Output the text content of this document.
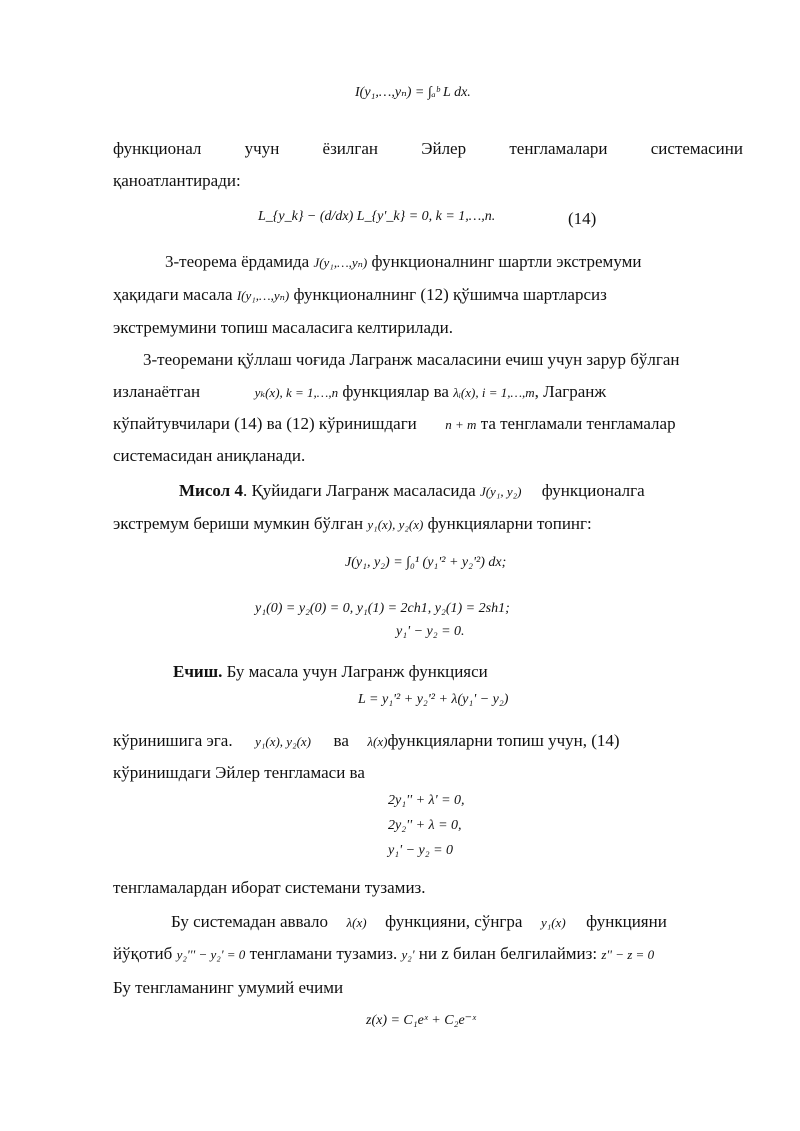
I(y₁,…,yₙ) = ∫ₐᵇ L dx.
функционал	учун	ёзилган	Эйлер	тенгламалари	системасини
қаноатлантиради:
L_{y_k} − (d/dx) L_{y'_k} = 0, k = 1,…,n.	(14)
3-теорема ёрдамида J(y₁,…,yₙ) функционалнинг шартли экстремуми
ҳақидаги масала I(y₁,…,yₙ) функционалнинг (12) қўшимча шартларсиз
экстремумини топиш масаласига келтирилади.
3-теоремани қўллаш чоғида Лагранж масаласини ечиш учун зарур бўлган
изланаётган	yₖ(x), k = 1,…,n функциялар ва λᵢ(x), i = 1,…,m, Лагранж
кўпайтувчилари (14) ва (12) кўринишдаги n + m та тенгламали тенгламалар
системасидан аниқланади.
Мисол 4. Қуйидаги Лагранж масаласида J(y₁, y₂) функционалга
экстремум бериши мумкин бўлган y₁(x), y₂(x) функцияларни топинг:
J(y₁, y₂) = ∫₀¹ (y₁'² + y₂'²) dx;
y₁(0) = y₂(0) = 0, y₁(1) = 2ch1, y₂(1) = 2sh1;
y₁' − y₂ = 0.
Ечиш. Бу масала учун Лагранж функцияси
L = y₁'² + y₂'² + λ(y₁' − y₂)
кўринишига эга. y₁(x), y₂(x) ва λ(x)функцияларни топиш учун, (14)
кўринишдаги Эйлер тенгламаси ва
2y₁'' + λ' = 0,
2y₂'' + λ = 0,
y₁' − y₂ = 0
тенгламалардан иборат системани тузамиз.
Бу системадан аввало λ(x) функцияни, сўнгра y₁(x) функцияни
йўқотиб y₂''' − y₂' = 0 тенгламани тузамиз. y₂' ни z билан белгилаймиз: z'' − z = 0
Бу тенгламанинг умумий ечими
z(x) = C₁eˣ + C₂e⁻ˣ
